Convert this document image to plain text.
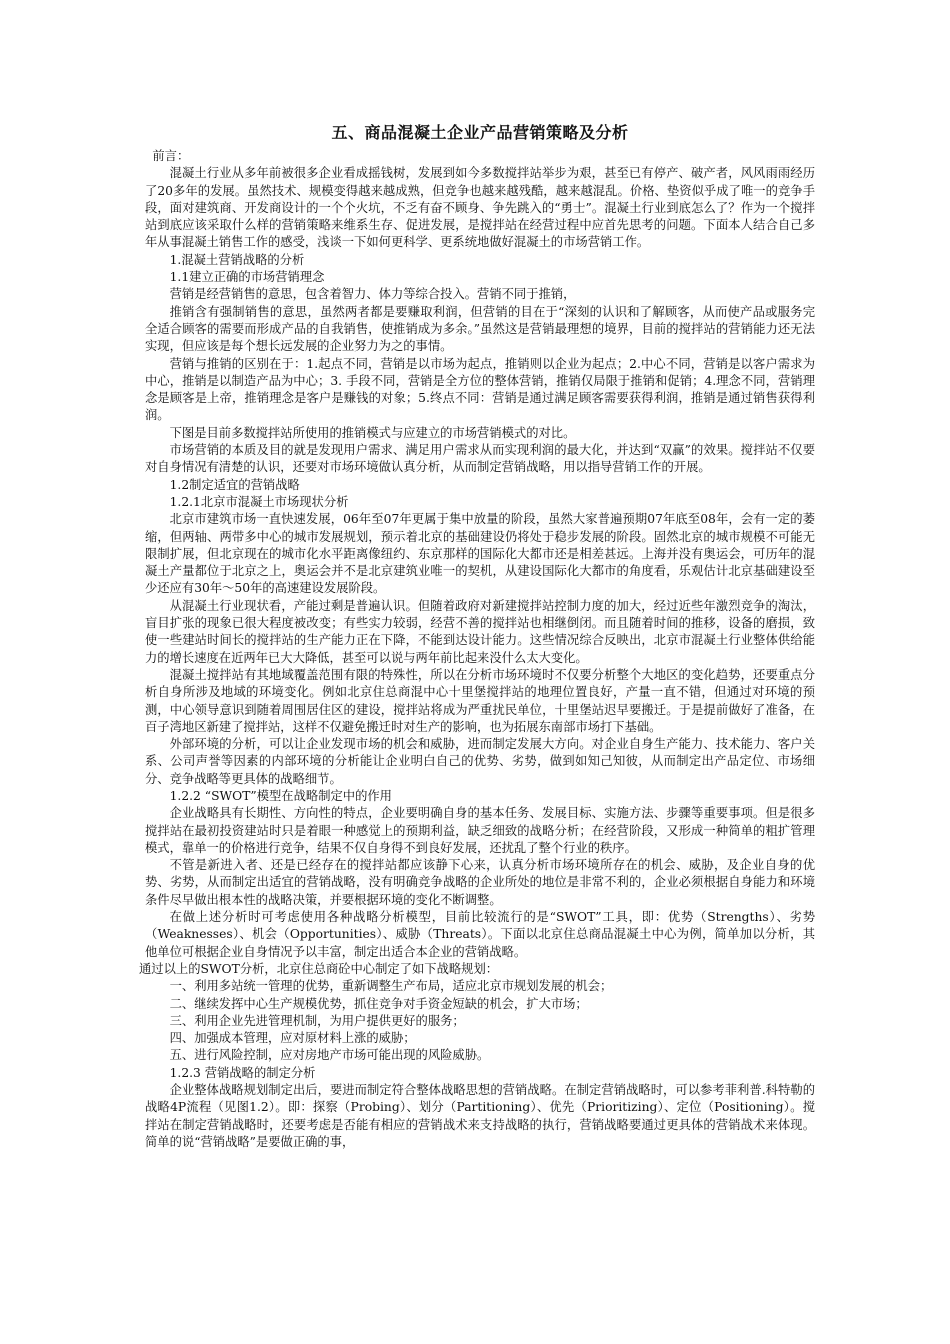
五、商品混凝土企业产品营销策略及分析

前言：

混凝土行业从多年前被很多企业看成摇钱树，发展到如今多数搅拌站举步为艰，甚至已有停产、破产者，风风雨雨经历了20多年的发展。虽然技术、规模变得越来越成熟，但竞争也越来越残酷，越来越混乱。价格、垫资似乎成了唯一的竞争手段，面对建筑商、开发商设计的一个个火坑，不乏有奋不顾身、争先跳入的“勇士”。混凝土行业到底怎么了？作为一个搅拌站到底应该采取什么样的营销策略来维系生存、促进发展，是搅拌站在经营过程中应首先思考的问题。下面本人结合自己多年从事混凝土销售工作的感受，浅谈一下如何更科学、更系统地做好混凝土的市场营销工作。

1.混凝土营销战略的分析

1.1建立正确的市场营销理念

营销是经营销售的意思，包含着智力、体力等综合投入。营销不同于推销，

推销含有强制销售的意思，虽然两者都是要赚取利润，但营销的目在于“深刻的认识和了解顾客，从而使产品或服务完全适合顾客的需要而形成产品的自我销售，使推销成为多余。”虽然这是营销最理想的境界，目前的搅拌站的营销能力还无法实现，但应该是每个想长远发展的企业努力为之的事情。

营销与推销的区别在于：1.起点不同，营销是以市场为起点，推销则以企业为起点；2.中心不同，营销是以客户需求为中心，推销是以制造产品为中心；3. 手段不同，营销是全方位的整体营销，推销仅局限于推销和促销；4.理念不同，营销理念是顾客是上帝，推销理念是客户是赚钱的对象；5.终点不同：营销是通过满足顾客需要获得利润，推销是通过销售获得利润。

下图是目前多数搅拌站所使用的推销模式与应建立的市场营销模式的对比。

市场营销的本质及目的就是发现用户需求、满足用户需求从而实现利润的最大化，并达到“双赢”的效果。搅拌站不仅要对自身情况有清楚的认识，还要对市场环境做认真分析，从而制定营销战略，用以指导营销工作的开展。

1.2制定适宜的营销战略

1.2.1北京市混凝土市场现状分析

北京市建筑市场一直快速发展，06年至07年更属于集中放量的阶段，虽然大家普遍预期07年底至08年，会有一定的萎缩，但两轴、两带多中心的城市发展规划，预示着北京的基础建设仍将处于稳步发展的阶段。固然北京的城市规模不可能无限制扩展，但北京现在的城市化水平距离像纽约、东京那样的国际化大都市还是相差甚远。上海并没有奥运会，可历年的混凝土产量都位于北京之上，奥运会并不是北京建筑业唯一的契机，从建设国际化大都市的角度看，乐观估计北京基础建设至少还应有30年～50年的高速建设发展阶段。

从混凝土行业现状看，产能过剩是普遍认识。但随着政府对新建搅拌站控制力度的加大，经过近些年激烈竞争的淘汰，盲目扩张的现象已很大程度被改变；有些实力较弱，经营不善的搅拌站也相继倒闭。而且随着时间的推移，设备的磨损，致使一些建站时间长的搅拌站的生产能力正在下降，不能到达设计能力。这些情况综合反映出，北京市混凝土行业整体供给能力的增长速度在近两年已大大降低，甚至可以说与两年前比起来没什么太大变化。

混凝土搅拌站有其地域覆盖范围有限的特殊性，所以在分析市场环境时不仅要分析整个大地区的变化趋势，还要重点分析自身所涉及地域的环境变化。例如北京住总商混中心十里堡搅拌站的地理位置良好，产量一直不错，但通过对环境的预测，中心领导意识到随着周围居住区的建设，搅拌站将成为严重扰民单位，十里堡站迟早要搬迁。于是提前做好了准备，在百子湾地区新建了搅拌站，这样不仅避免搬迁时对生产的影响，也为拓展东南部市场打下基础。

外部环境的分析，可以让企业发现市场的机会和威胁，进而制定发展大方向。对企业自身生产能力、技术能力、客户关系、公司声誉等因素的内部环境的分析能让企业明白自己的优势、劣势，做到如知己知彼，从而制定出产品定位、市场细分、竞争战略等更具体的战略细节。

1.2.2 “SWOT”模型在战略制定中的作用

企业战略具有长期性、方向性的特点，企业要明确自身的基本任务、发展目标、实施方法、步骤等重要事项。但是很多搅拌站在最初投资建站时只是着眼一种感觉上的预期利益，缺乏细致的战略分析；在经营阶段，又形成一种简单的粗扩管理模式，靠单一的价格进行竞争，结果不仅自身得不到良好发展，还扰乱了整个行业的秩序。

不管是新进入者、还是已经存在的搅拌站都应该静下心来，认真分析市场环境所存在的机会、威胁，及企业自身的优势、劣势，从而制定出适宜的营销战略，没有明确竞争战略的企业所处的地位是非常不利的，企业必须根据自身能力和环境条件尽早做出根本性的战略决策，并要根据环境的变化不断调整。

在做上述分析时可考虑使用各种战略分析模型，目前比较流行的是“SWOT”工具，即：优势（Strengths）、劣势（Weaknesses）、机会（Opportunities）、威胁（Threats）。下面以北京住总商品混凝土中心为例，简单加以分析，其他单位可根据企业自身情况予以丰富，制定出适合本企业的营销战略。

通过以上的SWOT分析，北京住总商砼中心制定了如下战略规划：

一、利用多站统一管理的优势，重新调整生产布局，适应北京市规划发展的机会；

二、继续发挥中心生产规模优势，抓住竞争对手资金短缺的机会，扩大市场；

三、利用企业先进管理机制，为用户提供更好的服务；

四、加强成本管理，应对原材料上涨的威胁；

五、进行风险控制，应对房地产市场可能出现的风险威胁。

1.2.3 营销战略的制定分析

企业整体战略规划制定出后，要进而制定符合整体战略思想的营销战略。在制定营销战略时，可以参考菲利普.科特勒的战略4P流程（见图1.2）。即：探察（Probing）、划分（Partitioning）、优先（Prioritizing）、定位（Positioning）。搅拌站在制定营销战略时，还要考虑是否能有相应的营销战术来支持战略的执行，营销战略要通过更具体的营销战术来体现。简单的说“营销战略”是要做正确的事，
